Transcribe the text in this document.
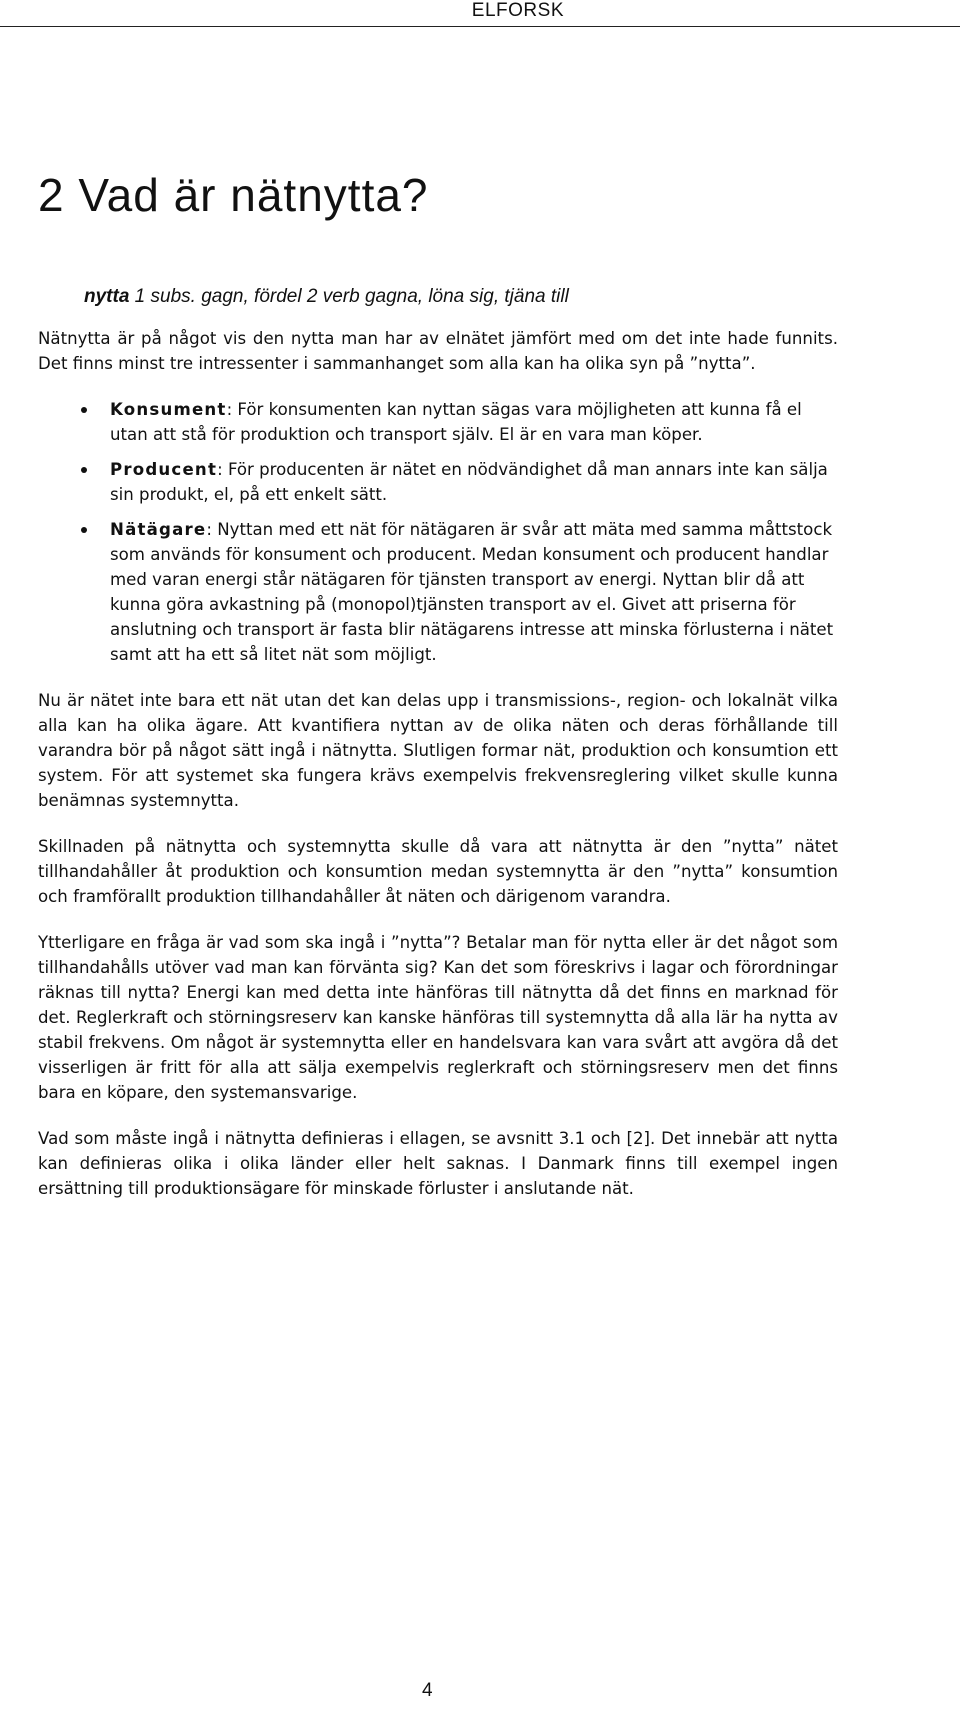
ELFORSK
2 Vad är nätnytta?

nytta 1 subs. gagn, fördel 2 verb gagna, löna sig, tjäna till

Nätnytta är på något vis den nytta man har av elnätet jämfört med om det inte hade funnits. Det finns minst tre intressenter i sammanhanget som alla kan ha olika syn på ”nytta”.

Konsument: För konsumenten kan nyttan sägas vara möjligheten att kunna få el utan att stå för produktion och transport själv. El är en vara man köper.
Producent: För producenten är nätet en nödvändighet då man annars inte kan sälja sin produkt, el, på ett enkelt sätt.
Nätägare: Nyttan med ett nät för nätägaren är svår att mäta med samma måttstock som används för konsument och producent. Medan konsument och producent handlar med varan energi står nätägaren för tjänsten transport av energi. Nyttan blir då att kunna göra avkastning på (monopol)tjänsten transport av el. Givet att priserna för anslutning och transport är fasta blir nätägarens intresse att minska förlusterna i nätet samt att ha ett så litet nät som möjligt.

Nu är nätet inte bara ett nät utan det kan delas upp i transmissions-, region- och lokalnät vilka alla kan ha olika ägare. Att kvantifiera nyttan av de olika näten och deras förhållande till varandra bör på något sätt ingå i nätnytta. Slutligen formar nät, produktion och konsumtion ett system. För att systemet ska fungera krävs exempelvis frekvensreglering vilket skulle kunna benämnas systemnytta.

Skillnaden på nätnytta och systemnytta skulle då vara att nätnytta är den ”nytta” nätet tillhandahåller åt produktion och konsumtion medan systemnytta är den ”nytta” konsumtion och framförallt produktion tillhandahåller åt näten och därigenom varandra.

Ytterligare en fråga är vad som ska ingå i ”nytta”? Betalar man för nytta eller är det något som tillhandahålls utöver vad man kan förvänta sig? Kan det som föreskrivs i lagar och förordningar räknas till nytta? Energi kan med detta inte hänföras till nätnytta då det finns en marknad för det. Reglerkraft och störningsreserv kan kanske hänföras till systemnytta då alla lär ha nytta av stabil frekvens. Om något är systemnytta eller en handelsvara kan vara svårt att avgöra då det visserligen är fritt för alla att sälja exempelvis reglerkraft och störningsreserv men det finns bara en köpare, den systemansvarige.

Vad som måste ingå i nätnytta definieras i ellagen, se avsnitt 3.1 och [2]. Det innebär att nytta kan definieras olika i olika länder eller helt saknas. I Danmark finns till exempel ingen ersättning till produktionsägare för minskade förluster i anslutande nät.

4
